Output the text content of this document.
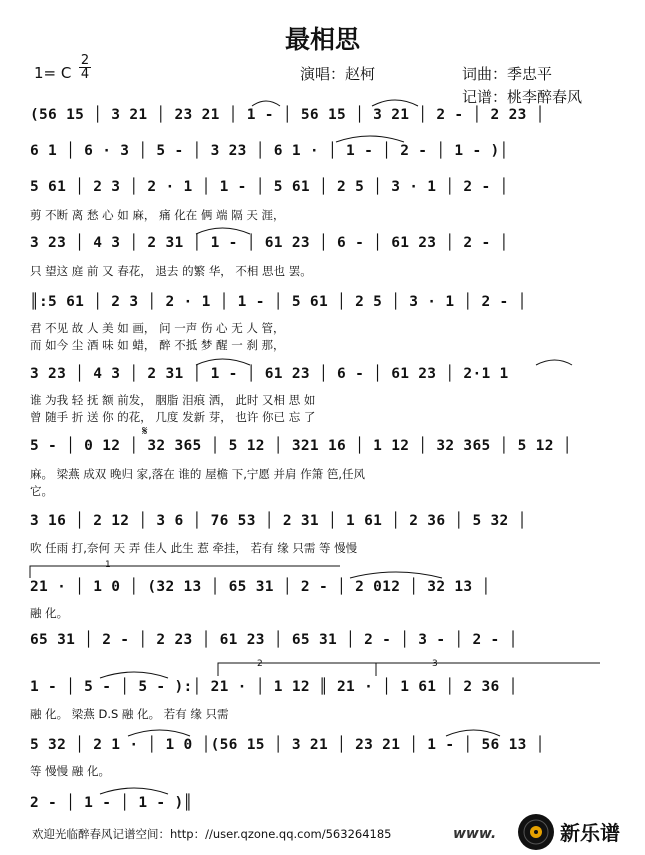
最相思
1= C
2
4	演唱：赵柯	词曲：季忠平
记谱：桃李醉春风
(56 15 │ 3 21 │ 23 21 │ 1 - │ 56 15 │ 3 21 │ 2 - │ 2 23 │
6 1 │ 6 · 3 │ 5 - │ 3 23 │ 6 1 · │ 1 - │ 2 - │ 1 - )│
5 61 │ 2 3 │ 2 · 1 │ 1 - │ 5 61 │ 2 5 │ 3 · 1 │ 2 - │
剪 不断 离 愁 心 如 麻， 痛 化在 俩 端 隔 天 涯，
3 23 │ 4 3 │ 2 31 │ 1 - │ 61 23 │ 6 - │ 61 23 │ 2 - │
只 望这 庭 前 又 春花， 退去 的繁 华， 不相 思也 罢。
║:5 61 │ 2 3 │ 2 · 1 │ 1 - │ 5 61 │ 2 5 │ 3 · 1 │ 2 - │
君 不见 故 人 美 如 画， 问 一声 伤 心 无 人 管，
而 如今 尘 酒 味 如 蜡， 醉 不抵 梦 醒 一 刹 那，
3 23 │ 4 3 │ 2 31 │ 1 - │ 61 23 │ 6 - │ 61 23 │ 2·1 1
谁 为我 轻 抚 额 前发， 胭脂 泪痕 洒， 此时 又相 思 如
曾 随手 折 送 你 的花， 几度 发新 芽， 也许 你已 忘 了
5 - │ 0 12 │ 32 365 │ 5 12 │ 321 16 │ 1 12 │ 32 365 │ 5 12 │
𝄋
麻。 梁燕 成双 晚归 家,落在 谁的 屋檐 下,宁愿 并肩 作箫 笆,任风
它。
3 16 │ 2 12 │ 3 6 │ 76 53 │ 2 31 │ 1 61 │ 2 36 │ 5 32 │
吹 任雨 打,奈何 天 弄 佳人 此生 惹 牵挂， 若有 缘 只需 等 慢慢
1
21 · │ 1 0 │ (32 13 │ 65 31 │ 2 - │ 2 012 │ 32 13 │
融 化。
65 31 │ 2 - │ 2 23 │ 61 23 │ 65 31 │ 2 - │ 3 - │ 2 - │
2	3
1 - │ 5 - │ 5 - ):│ 21 · │ 1 12 ║ 21 · │ 1 61 │ 2 36 │
融 化。 梁燕 D.S 融 化。 若有 缘 只需
5 32 │ 2 1 · │ 1 0 │(56 15 │ 3 21 │ 23 21 │ 1 - │ 56 13 │
等 慢慢 融 化。
2 - │ 1 - │ 1 - )║
欢迎光临醉春风记谱空间：http：//user.qzone.qq.com/563264185	www.	新乐谱
